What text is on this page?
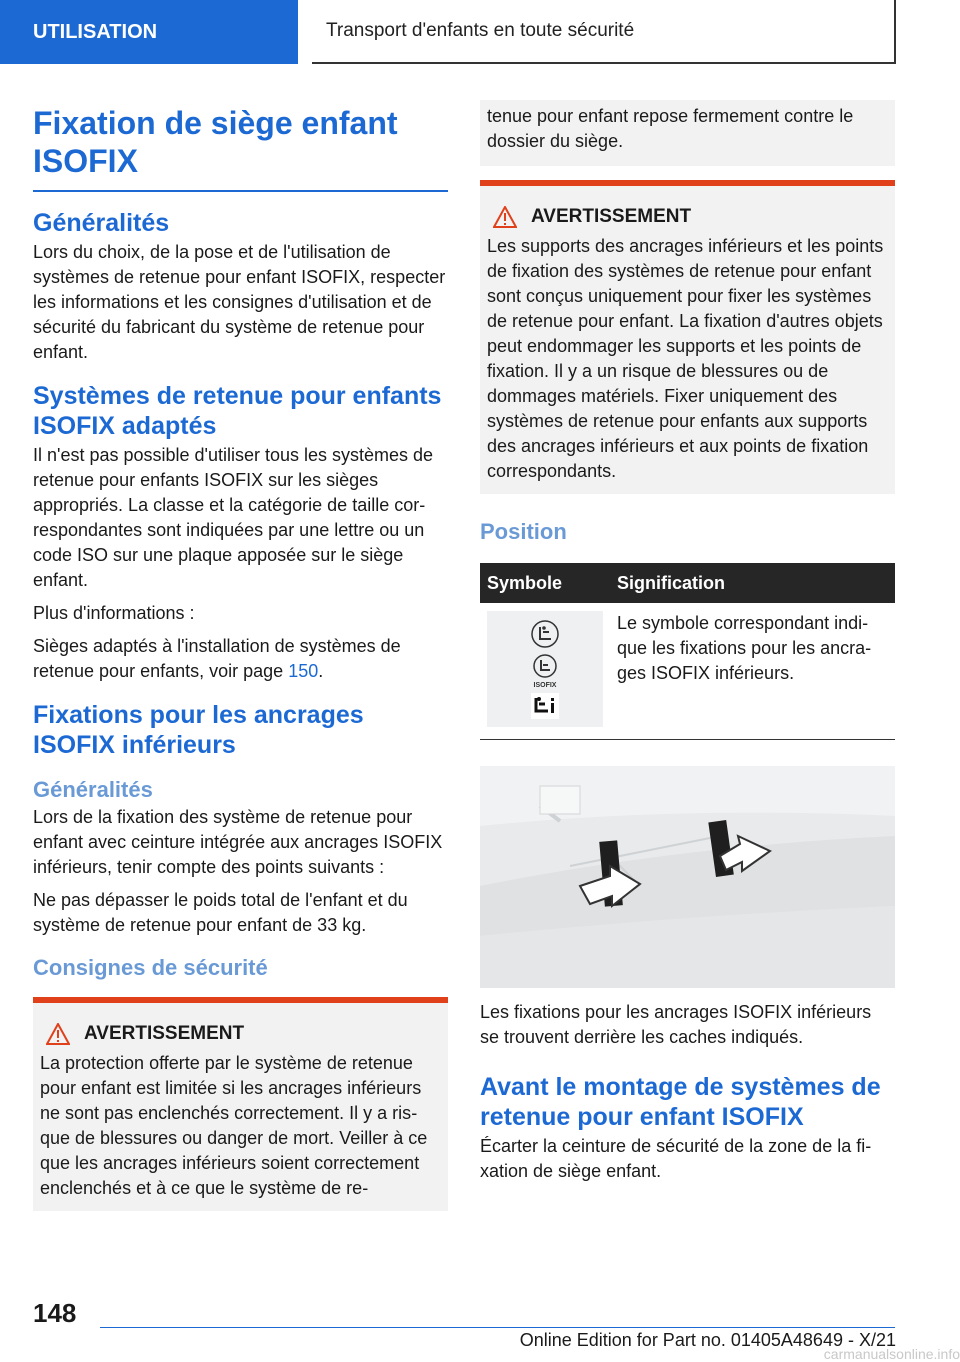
UTILISATION	Transport d'enfants en toute sécurité
Fixation de siège enfant ISOFIX
Généralités

Lors du choix, de la pose et de l'utilisation de systèmes de retenue pour enfant ISOFIX, respecter les informations et les consignes d'utilisation et de sécurité du fabricant du système de retenue pour enfant.

Systèmes de retenue pour enfants ISOFIX adaptés

Il n'est pas possible d'utiliser tous les systèmes de retenue pour enfants ISOFIX sur les sièges appropriés. La classe et la catégorie de taille correspondantes sont indiquées par une lettre ou un code ISO sur une plaque apposée sur le siège enfant.

Plus d'informations :

Sièges adaptés à l'installation de systèmes de retenue pour enfants, voir page 150.

Fixations pour les ancrages ISOFIX inférieurs
Généralités

Lors de la fixation des système de retenue pour enfant avec ceinture intégrée aux ancrages ISOFIX inférieurs, tenir compte des points suivants :

Ne pas dépasser le poids total de l'enfant et du système de retenue pour enfant de 33 kg.

Consignes de sécurité
AVERTISSEMENT

La protection offerte par le système de retenue pour enfant est limitée si les ancrages inférieurs ne sont pas enclenchés correctement. Il y a risque de blessures ou danger de mort. Veiller à ce que les ancrages inférieurs soient correctement enclenchés et à ce que le système de re-

tenue pour enfant repose fermement contre le dossier du siège.

AVERTISSEMENT

Les supports des ancrages inférieurs et les points de fixation des systèmes de retenue pour enfant sont conçus uniquement pour fixer les systèmes de retenue pour enfant. La fixation d'autres objets peut endommager les supports et les points de fixation. Il y a un risque de blessures ou de dommages matériels. Fixer uniquement des systèmes de retenue pour enfants aux supports des ancrages inférieurs et aux points de fixation correspondants.

Position
Symbole	Signification

ISOFIX	Le symbole correspondant indique les fixations pour les ancrages ISOFIX inférieurs.

Les fixations pour les ancrages ISOFIX inférieurs se trouvent derrière les caches indiqués.

Avant le montage de systèmes de retenue pour enfant ISOFIX

Écarter la ceinture de sécurité de la zone de la fixation de siège enfant.

148
Online Edition for Part no. 01405A48649 - X/21
carmanualsonline.info
